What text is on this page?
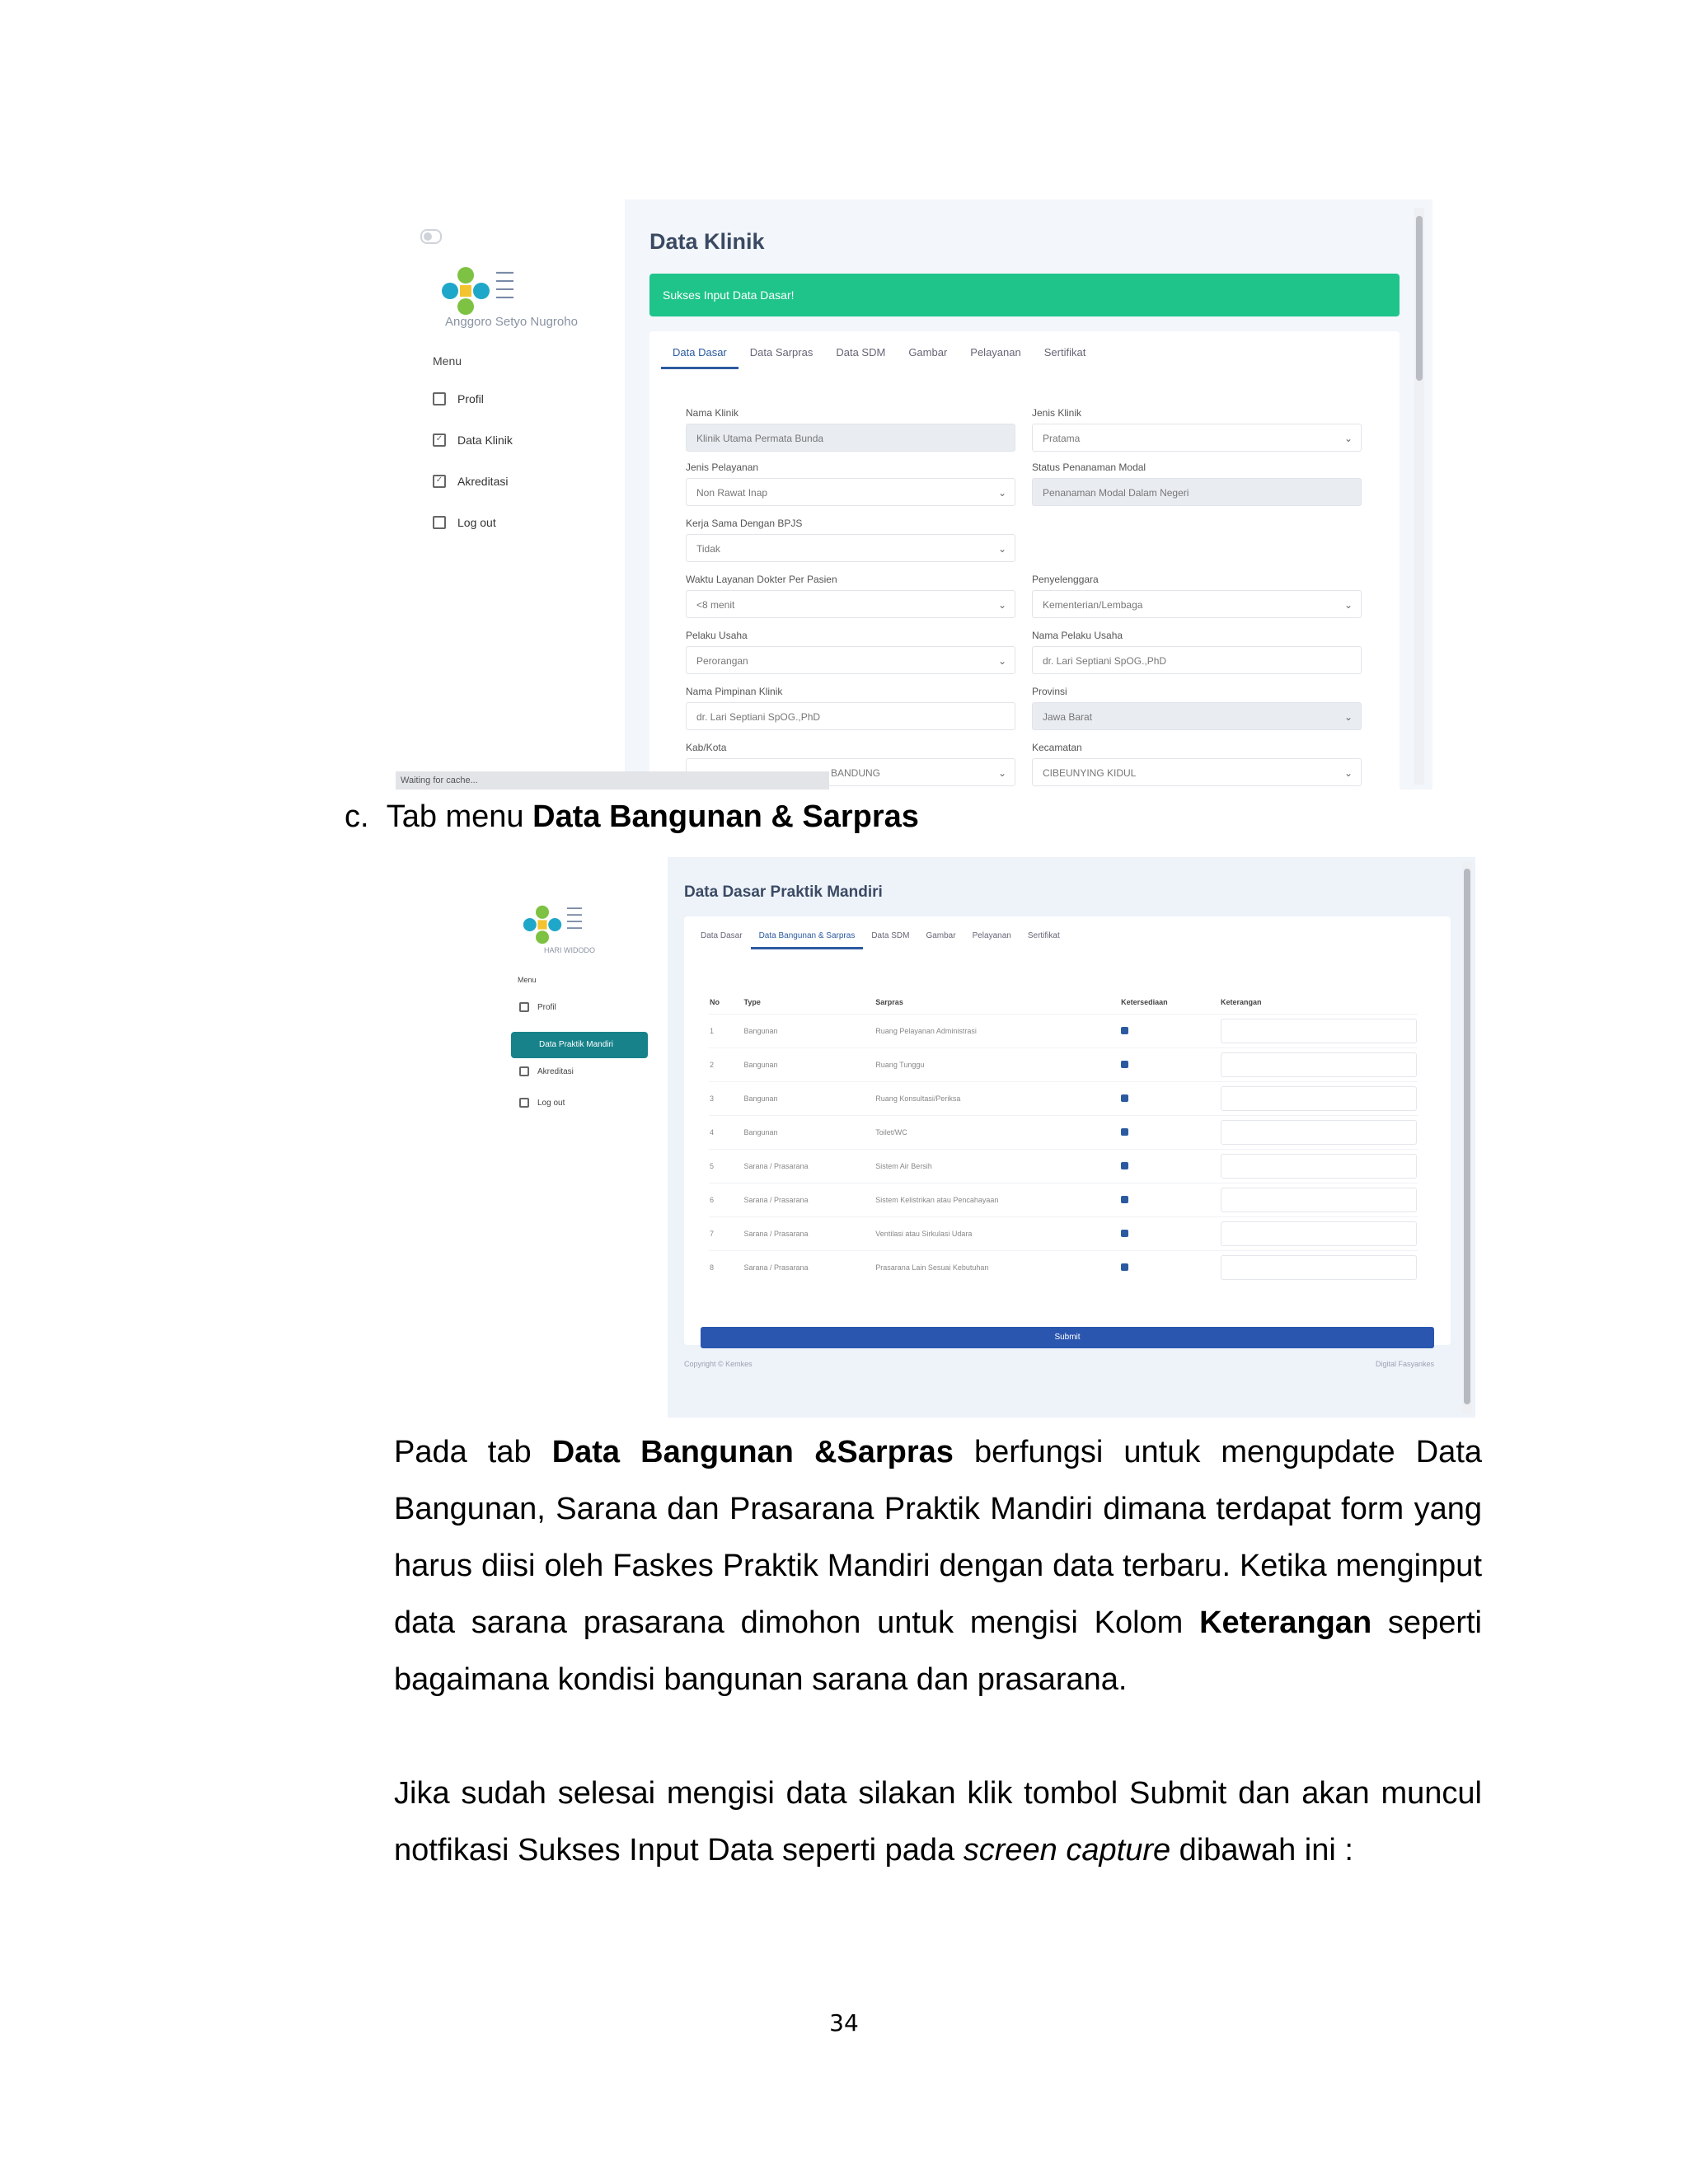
▬▬▬
▬▬▬
▬▬▬
▬▬▬
Anggoro Setyo Nugroho
Menu
Profil
✓ Data Klinik
✓ Akreditasi
Log out
Data Klinik
Sukses Input Data Dasar!
Data Dasar	Data Sarpras	Data SDM	Gambar	Pelayanan	Sertifikat
Nama Klinik
Klinik Utama Permata Bunda
Jenis Klinik
Pratama	⌄
Jenis Pelayanan
Non Rawat Inap	⌄
Status Penanaman Modal
Penanaman Modal Dalam Negeri
Kerja Sama Dengan BPJS
Tidak	⌄
Waktu Layanan Dokter Per Pasien
<8 menit	⌄
Penyelenggara
Kementerian/Lembaga	⌄
Pelaku Usaha
Perorangan	⌄
Nama Pelaku Usaha
dr. Lari Septiani SpOG.,PhD
Nama Pimpinan Klinik
dr. Lari Septiani SpOG.,PhD
Provinsi
Jawa Barat	⌄
Kab/Kota
BANDUNG	⌄
Kecamatan
CIBEUNYING KIDUL	⌄
Waiting for cache...
c. Tab menu Data Bangunan & Sarpras
▬▬▬
▬▬▬
▬▬▬
▬▬▬
HARI WIDODO
Menu
Profil
Data Praktik Mandiri
Akreditasi
Log out
Data Dasar Praktik Mandiri
Data Dasar	Data Bangunan & Sarpras	Data SDM	Gambar	Pelayanan	Sertifikat
No	Type	Sarpras	Ketersediaan	Keterangan
1	Bangunan	Ruang Pelayanan Administrasi		

2	Bangunan	Ruang Tunggu		

3	Bangunan	Ruang Konsultasi/Periksa		

4	Bangunan	Toilet/WC		

5	Sarana / Prasarana	Sistem Air Bersih		

6	Sarana / Prasarana	Sistem Kelistrikan atau Pencahayaan		

7	Sarana / Prasarana	Ventilasi atau Sirkulasi Udara		

8	Sarana / Prasarana	Prasarana Lain Sesuai Kebutuhan		
Submit
Copyright © Kemkes	Digital Fasyankes

Pada tab Data Bangunan &Sarpras berfungsi untuk mengupdate Data Bangunan, Sarana dan Prasarana Praktik Mandiri dimana terdapat form yang harus diisi oleh Faskes Praktik Mandiri dengan data terbaru. Ketika menginput data sarana prasarana dimohon untuk mengisi Kolom Keterangan seperti bagaimana kondisi bangunan sarana dan prasarana.

Jika sudah selesai mengisi data silakan klik tombol Submit dan akan muncul notfikasi Sukses Input Data seperti pada screen capture dibawah ini :

34
